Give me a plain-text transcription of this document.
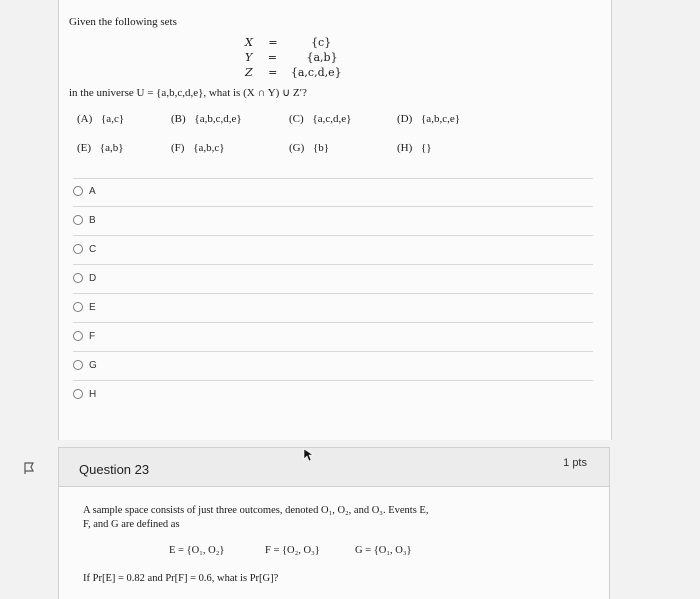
Given the following sets
X =	{c}
Y =	{a,b}
Z = {a,c,d,e}
in the universe U = {a,b,c,d,e}, what is (X ∩ Y) ∪ Z′?
(A) {a,c}	(B) {a,b,c,d,e}	(C) {a,c,d,e}	(D) {a,b,c,e}
(E) {a,b}	(F) {a,b,c}	(G) {b}	(H) {}
A
B
C
D
E
F
G
H
Question 23	1 pts
A sample space consists of just three outcomes, denoted O₁, O₂, and O₃. Events E,
F, and G are defined as
E = {O₁, O₂}	F = {O₂, O₃}	G = {O₁, O₃}
If Pr[E] = 0.82 and Pr[F] = 0.6, what is Pr[G]?
